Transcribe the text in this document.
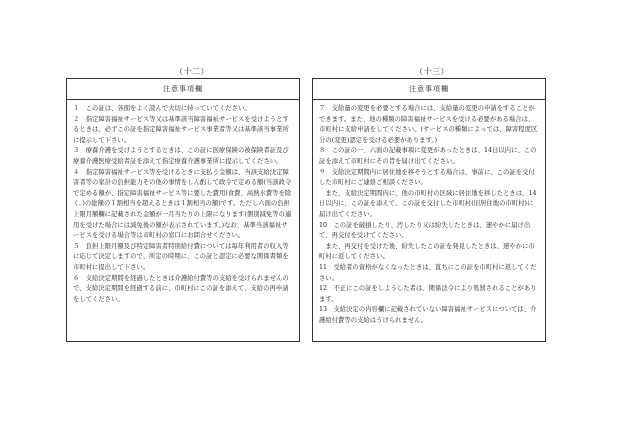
（十二）	（十三）
注意事項欄

１　この証は、各面をよく読んで大切に持っていてください。

２　指定障害福祉サービス等又は基準該当障害福祉サービスを受けようとするときは、必ずこの証を指定障害福祉サービス事業者等又は基準該当事業所に提示して下さい。

３　療養介護を受けようとするときは、この証に医療保険の被保険者証及び療養介護医療受給者証を添えて指定療養介護事業所に提示してください。

４　指定障害福祉サービス等を受けるときに支払う金額は、当該支給決定障害者等の家計の負担能力その他の事情をしん酌して政令で定める額(当該政令で定める額が、指定障害福祉サービス等に要した費用(食費、高熱水費等を除く。)の総額の１割相当を超えるときは１割相当の額)です。ただし六面の負担上限月額欄に記載された金額が一月当たりの上限になります(個別減免等の適用を受けた場合には減免後の額が表示されています。)なお、基準当該福祉サービスを受ける場合等は市町村の窓口にお問合せください。

５　負担上限月額及び特定障害者特別給付費については毎年利用者の収入等に応じて決定しますので、所定の時期に、この証と認定に必要な関係書類を市町村に提出して下さい。

６　支給決定期間を経過したときは介護給付費等の支給を受けられませんので、支給決定期間を経過する前に、市町村にこの証を添えて、支給の再申請をしてください。

注意事項欄

７　支給量の変更を必要とする場合には、支給量の変更の申請をすることができます。また、他の種類の障害福祉サービスを受ける必要がある場合は、市町村に支給申請をしてください。(サービスの種類によっては、障害程度区分の(変更)認定を受ける必要があります。)

８　この証の一、六面の記載事項に変更があったときは、14日以内に、この証を添えて市町村にその旨を届け出てください。

９　支給決定期間内に居住地を移そうとする場合は、事前に、この証を交付した市町村にご連絡ご相談ください。

　また、支給決定期間内に、他の市町村の区域に居住地を移したときは、14日以内に、この証を添えて、この証を交付した市町村(旧居住地の市町村)に届け出てください。

10　この証を破損したり、汚したり又は紛失したときは、速やかに届け出て、再交付を受けてください。

　また、再交付を受けた後、紛失したこの証を発見したときは、速やかに市町村に返してください。

11　受給者の資格がなくなったときは、直ちにこの証を市町村に返してください。

12　不正にこの証をしようした者は、関係法令により処罰されることがあります。

13　支給決定の内容欄に記載されていない障害福祉サービスについては、介護給付費等の支給はうけられません。
